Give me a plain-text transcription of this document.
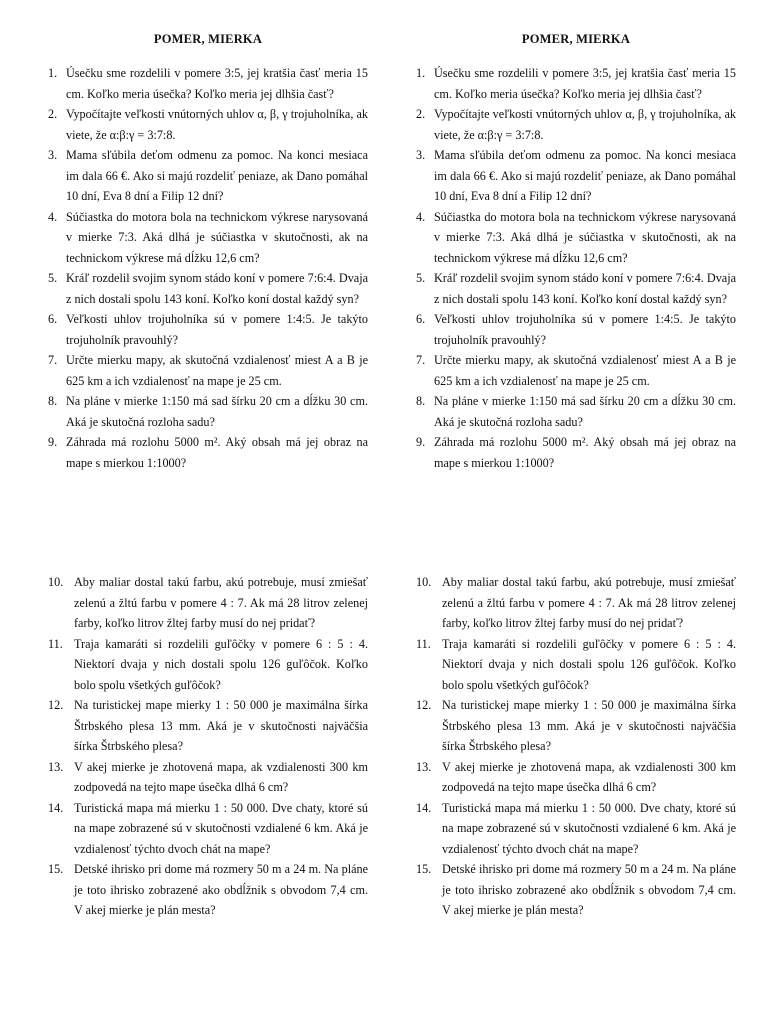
POMER, MIERKA
1. Úsečku sme rozdelili v pomere 3:5, jej kratšia časť meria 15 cm. Koľko meria úsečka? Koľko meria jej dlhšia časť?
2. Vypočítajte veľkosti vnútorných uhlov α, β, γ trojuholníka, ak viete, že α:β:γ = 3:7:8.
3. Mama sľúbila deťom odmenu za pomoc. Na konci mesiaca im dala 66 €. Ako si majú rozdeliť peniaze, ak Dano pomáhal 10 dní, Eva 8 dní a Filip 12 dní?
4. Súčiastka do motora bola na technickom výkrese narysovaná v mierke 7:3. Aká dlhá je súčiastka v skutočnosti, ak na technickom výkrese má dĺžku 12,6 cm?
5. Kráľ rozdelil svojim synom stádo koní v pomere 7:6:4. Dvaja z nich dostali spolu 143 koní. Koľko koní dostal každý syn?
6. Veľkosti uhlov trojuholníka sú v pomere 1:4:5. Je takýto trojuholník pravouhlý?
7. Určte mierku mapy, ak skutočná vzdialenosť miest A a B je 625 km a ich vzdialenosť na mape je 25 cm.
8. Na pláne v mierke 1:150 má sad šírku 20 cm a dĺžku 30 cm. Aká je skutočná rozloha sadu?
9. Záhrada má rozlohu 5000 m². Aký obsah má jej obraz na mape s mierkou 1:1000?
POMER, MIERKA
1. Úsečku sme rozdelili v pomere 3:5, jej kratšia časť meria 15 cm. Koľko meria úsečka? Koľko meria jej dlhšia časť?
2. Vypočítajte veľkosti vnútorných uhlov α, β, γ trojuholníka, ak viete, že α:β:γ = 3:7:8.
3. Mama sľúbila deťom odmenu za pomoc. Na konci mesiaca im dala 66 €. Ako si majú rozdeliť peniaze, ak Dano pomáhal 10 dní, Eva 8 dní a Filip 12 dní?
4. Súčiastka do motora bola na technickom výkrese narysovaná v mierke 7:3. Aká dlhá je súčiastka v skutočnosti, ak na technickom výkrese má dĺžku 12,6 cm?
5. Kráľ rozdelil svojim synom stádo koní v pomere 7:6:4. Dvaja z nich dostali spolu 143 koní. Koľko koní dostal každý syn?
6. Veľkosti uhlov trojuholníka sú v pomere 1:4:5. Je takýto trojuholník pravouhlý?
7. Určte mierku mapy, ak skutočná vzdialenosť miest A a B je 625 km a ich vzdialenosť na mape je 25 cm.
8. Na pláne v mierke 1:150 má sad šírku 20 cm a dĺžku 30 cm. Aká je skutočná rozloha sadu?
9. Záhrada má rozlohu 5000 m². Aký obsah má jej obraz na mape s mierkou 1:1000?
10. Aby maliar dostal takú farbu, akú potrebuje, musí zmiešať zelenú a žltú farbu v pomere 4 : 7. Ak má 28 litrov zelenej farby, koľko litrov žltej farby musí do nej pridať?
11. Traja kamaráti si rozdelili guľôčky v pomere 6 : 5 : 4. Niektorí dvaja y nich dostali spolu 126 guľôčok. Koľko bolo spolu všetkých guľôčok?
12. Na turistickej mape mierky 1 : 50 000 je maximálna šírka Štrbského plesa 13 mm. Aká je v skutočnosti najväčšia šírka Štrbského plesa?
13. V akej mierke je zhotovená mapa, ak vzdialenosti 300 km zodpovedá na tejto mape úsečka dlhá 6 cm?
14. Turistická mapa má mierku 1 : 50 000. Dve chaty, ktoré sú na mape zobrazené sú v skutočnosti vzdialené 6 km. Aká je vzdialenosť týchto dvoch chát na mape?
15. Detské ihrisko pri dome má rozmery 50 m a 24 m. Na pláne je toto ihrisko zobrazené ako obdĺžnik s obvodom 7,4 cm. V akej mierke je plán mesta?
10. Aby maliar dostal takú farbu, akú potrebuje, musí zmiešať zelenú a žltú farbu v pomere 4 : 7. Ak má 28 litrov zelenej farby, koľko litrov žltej farby musí do nej pridať?
11. Traja kamaráti si rozdelili guľôčky v pomere 6 : 5 : 4. Niektorí dvaja y nich dostali spolu 126 guľôčok. Koľko bolo spolu všetkých guľôčok?
12. Na turistickej mape mierky 1 : 50 000 je maximálna šírka Štrbského plesa 13 mm. Aká je v skutočnosti najväčšia šírka Štrbského plesa?
13. V akej mierke je zhotovená mapa, ak vzdialenosti 300 km zodpovedá na tejto mape úsečka dlhá 6 cm?
14. Turistická mapa má mierku 1 : 50 000. Dve chaty, ktoré sú na mape zobrazené sú v skutočnosti vzdialené 6 km. Aká je vzdialenosť týchto dvoch chát na mape?
15. Detské ihrisko pri dome má rozmery 50 m a 24 m. Na pláne je toto ihrisko zobrazené ako obdĺžnik s obvodom 7,4 cm. V akej mierke je plán mesta?
